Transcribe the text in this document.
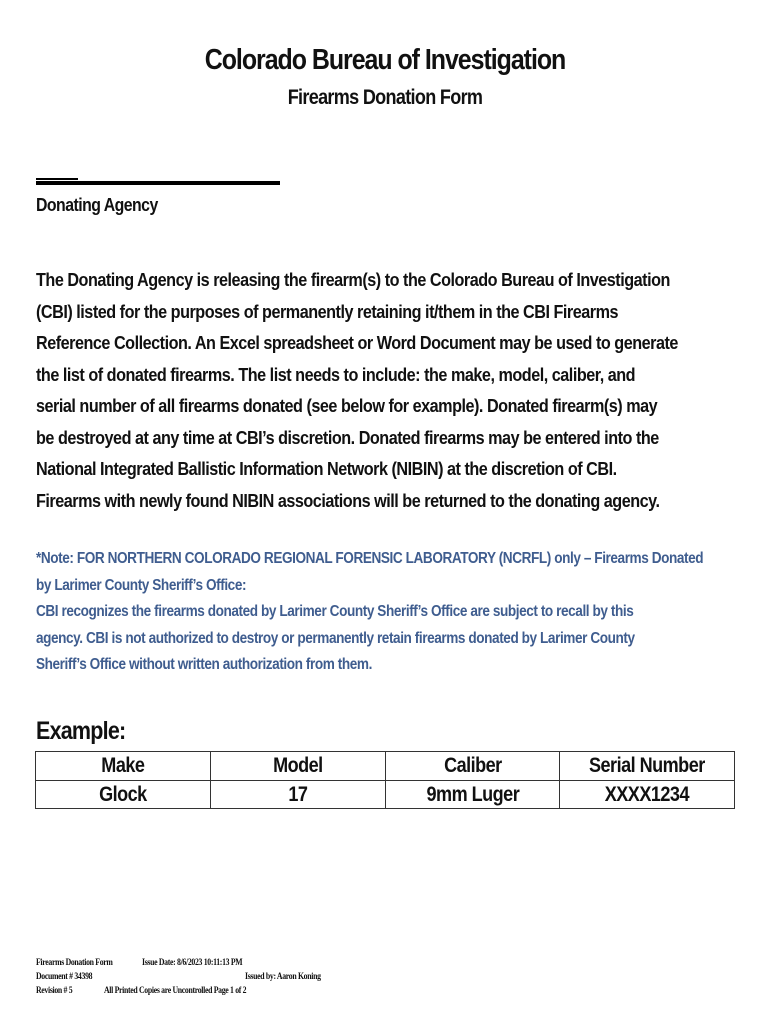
Colorado Bureau of Investigation
Firearms Donation Form
Donating Agency
The Donating Agency is releasing the firearm(s) to the Colorado Bureau of Investigation
(CBI) listed for the purposes of permanently retaining it/them in the CBI Firearms
Reference Collection. An Excel spreadsheet or Word Document may be used to generate
the list of donated firearms. The list needs to include: the make, model, caliber, and
serial number of all firearms donated (see below for example). Donated firearm(s) may
be destroyed at any time at CBI’s discretion. Donated firearms may be entered into the
National Integrated Ballistic Information Network (NIBIN) at the discretion of CBI.
Firearms with newly found NIBIN associations will be returned to the donating agency.
*Note: FOR NORTHERN COLORADO REGIONAL FORENSIC LABORATORY (NCRFL) only – Firearms Donated
by Larimer County Sheriff’s Office:
CBI recognizes the firearms donated by Larimer County Sheriff’s Office are subject to recall by this
agency. CBI is not authorized to destroy or permanently retain firearms donated by Larimer County
Sheriff’s Office without written authorization from them.
Example:
Make	Model	Caliber	Serial Number

Glock	17	9mm Luger	XXXX1234
Firearms Donation Form	Issue Date: 8/6/2023 10:11:13 PM
Document # 34398	Issued by: Aaron Koning
Revision # 5	All Printed Copies are Uncontrolled Page 1 of 2
